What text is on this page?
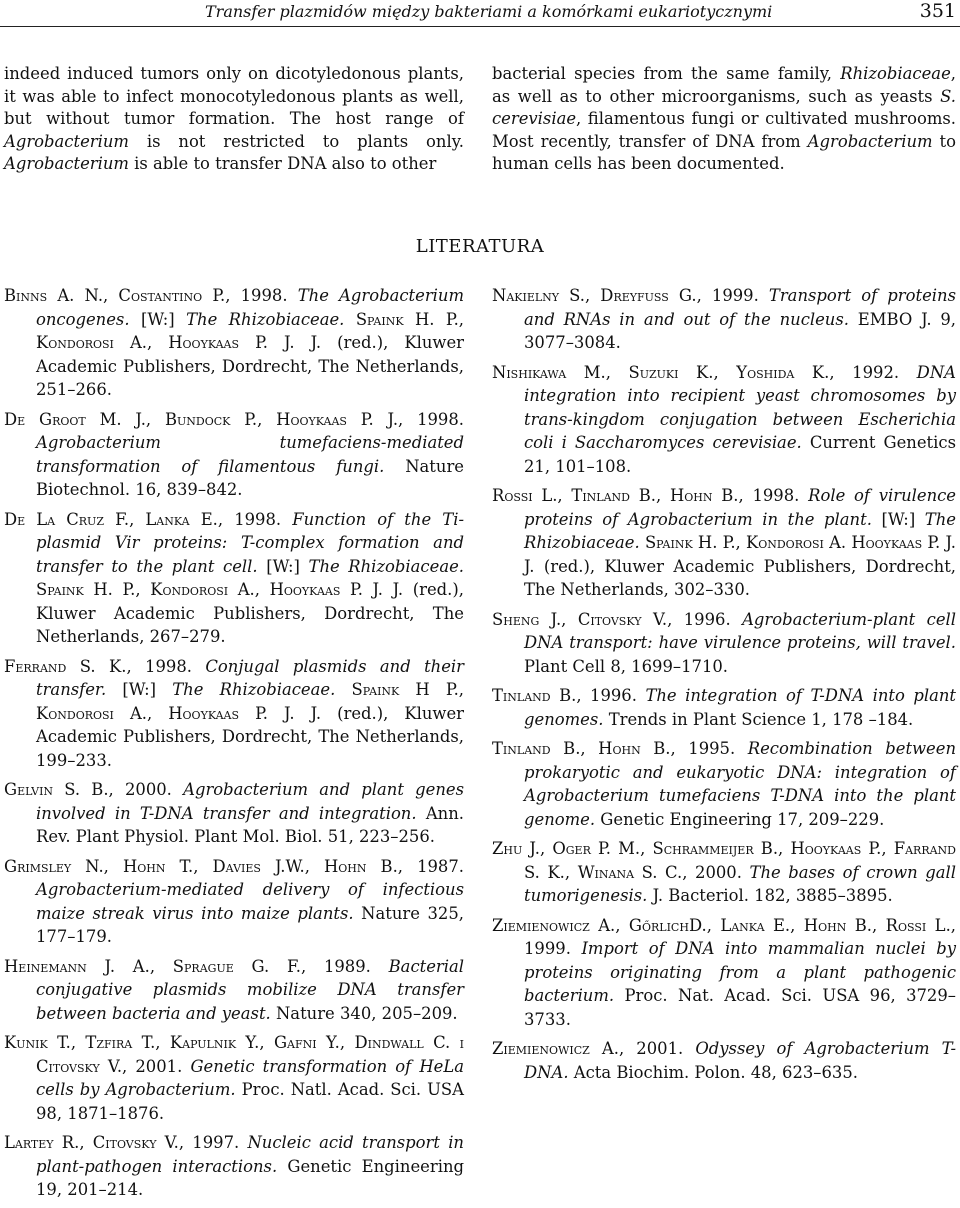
Transfer plazmidów między bakteriami a komórkami eukariotycznymi	351
indeed induced tumors only on dicotyledonous plants, it was able to infect monocotyledonous plants as well, but without tumor formation. The host range of Agrobacterium is not restricted to plants only. Agrobacterium is able to transfer DNA also to other
bacterial species from the same family, Rhizobiaceae, as well as to other microorganisms, such as yeasts S. cerevisiae, filamentous fungi or cultivated mushrooms. Most recently, transfer of DNA from Agrobacterium to human cells has been documented.
LITERATURA

Binns A. N., Costantino P., 1998. The Agrobacterium oncogenes. [W:] The Rhizobiaceae. Spaink H. P., Kondorosi A., Hooykaas P. J. J. (red.), Kluwer Academic Publishers, Dordrecht, The Netherlands, 251–266.

De Groot M. J., Bundock P., Hooykaas P. J., 1998. Agrobacterium tumefaciens-mediated transformation of filamentous fungi. Nature Biotechnol. 16, 839–842.

De La Cruz F., Lanka E., 1998. Function of the Ti-plasmid Vir proteins: T-complex formation and transfer to the plant cell. [W:] The Rhizobiaceae. Spaink H. P., Kondorosi A., Hooykaas P. J. J. (red.), Kluwer Academic Publishers, Dordrecht, The Netherlands, 267–279.

Ferrand S. K., 1998. Conjugal plasmids and their transfer. [W:] The Rhizobiaceae. Spaink H P., Kondorosi A., Hooykaas P. J. J. (red.), Kluwer Academic Publishers, Dordrecht, The Netherlands, 199–233.

Gelvin S. B., 2000. Agrobacterium and plant genes involved in T-DNA transfer and integration. Ann. Rev. Plant Physiol. Plant Mol. Biol. 51, 223–256.

Grimsley N., Hohn T., Davies J.W., Hohn B., 1987. Agrobacterium-mediated delivery of infectious maize streak virus into maize plants. Nature 325, 177–179.

Heinemann J. A., Sprague G. F., 1989. Bacterial conjugative plasmids mobilize DNA transfer between bacteria and yeast. Nature 340, 205–209.

Kunik T., Tzfira T., Kapulnik Y., Gafni Y., Dindwall C. i Citovsky V., 2001. Genetic transformation of HeLa cells by Agrobacterium. Proc. Natl. Acad. Sci. USA 98, 1871–1876.

Lartey R., Citovsky V., 1997. Nucleic acid transport in plant-pathogen interactions. Genetic Engineering 19, 201–214.

Nakielny S., Dreyfuss G., 1999. Transport of proteins and RNAs in and out of the nucleus. EMBO J. 9, 3077–3084.

Nishikawa M., Suzuki K., Yoshida K., 1992. DNA integration into recipient yeast chromosomes by trans-kingdom conjugation between Escherichia coli i Saccharomyces cerevisiae. Current Genetics 21, 101–108.

Rossi L., Tinland B., Hohn B., 1998. Role of virulence proteins of Agrobacterium in the plant. [W:] The Rhizobiaceae. Spaink H. P., Kondorosi A. Hooykaas P. J. J. (red.), Kluwer Academic Publishers, Dordrecht, The Netherlands, 302–330.

Sheng J., Citovsky V., 1996. Agrobacterium-plant cell DNA transport: have virulence proteins, will travel. Plant Cell 8, 1699–1710.

Tinland B., 1996. The integration of T-DNA into plant genomes. Trends in Plant Science 1, 178 –184.

Tinland B., Hohn B., 1995. Recombination between prokaryotic and eukaryotic DNA: integration of Agrobacterium tumefaciens T-DNA into the plant genome. Genetic Engineering 17, 209–229.

Zhu J., Oger P. M., Schrammeijer B., Hooykaas P., Farrand S. K., Winana S. C., 2000. The bases of crown gall tumorigenesis. J. Bacteriol. 182, 3885–3895.

Ziemienowicz A., GőrlichD., Lanka E., Hohn B., Rossi L., 1999. Import of DNA into mammalian nuclei by proteins originating from a plant pathogenic bacterium. Proc. Nat. Acad. Sci. USA 96, 3729–3733.

Ziemienowicz A., 2001. Odyssey of Agrobacterium T-DNA. Acta Biochim. Polon. 48, 623–635.
